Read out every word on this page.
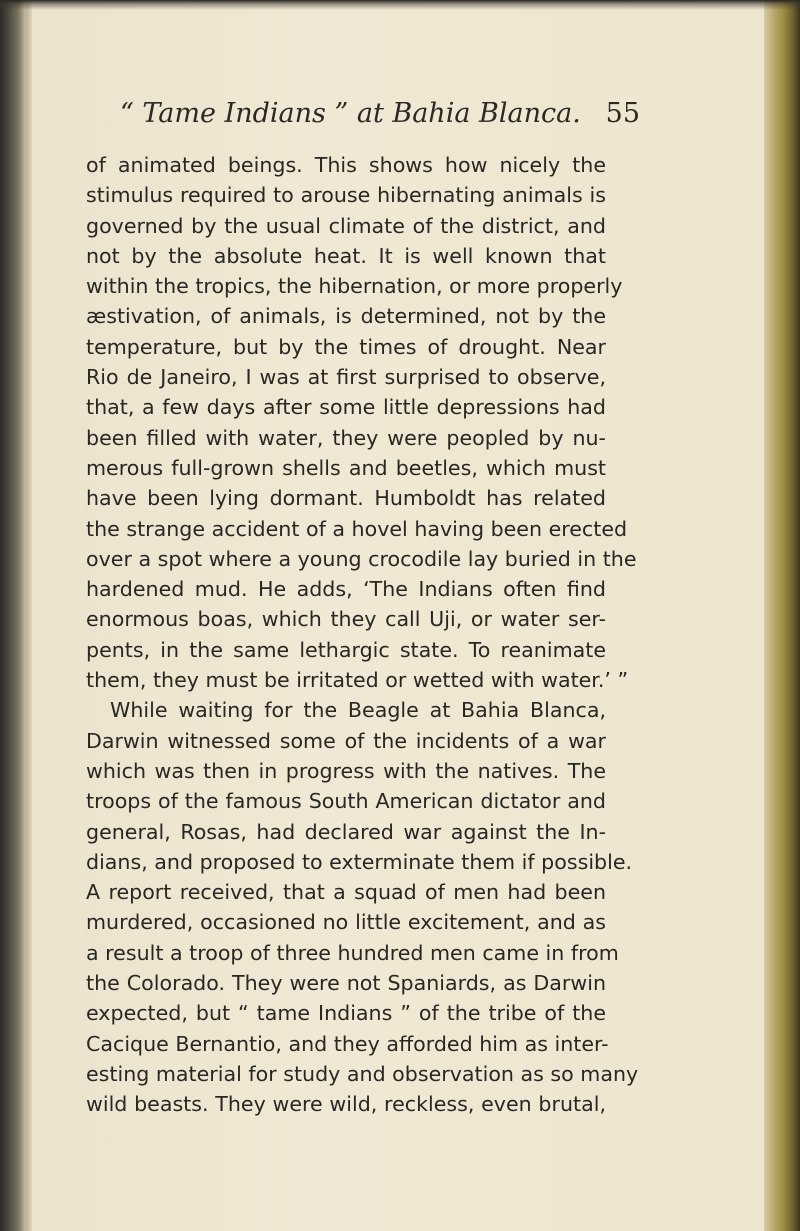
“ Tame Indians ” at Bahia Blanca. 55
of animated beings. This shows how nicely the
stimulus required to arouse hibernating animals is
governed by the usual climate of the district, and
not by the absolute heat. It is well known that
within the tropics, the hibernation, or more properly
æstivation, of animals, is determined, not by the
temperature, but by the times of drought. Near
Rio de Janeiro, I was at first surprised to observe,
that, a few days after some little depressions had
been filled with water, they were peopled by nu-
merous full-grown shells and beetles, which must
have been lying dormant. Humboldt has related
the strange accident of a hovel having been erected
over a spot where a young crocodile lay buried in the
hardened mud. He adds, ‘The Indians often find
enormous boas, which they call Uji, or water ser-
pents, in the same lethargic state. To reanimate
them, they must be irritated or wetted with water.’ ”
While waiting for the Beagle at Bahia Blanca,
Darwin witnessed some of the incidents of a war
which was then in progress with the natives. The
troops of the famous South American dictator and
general, Rosas, had declared war against the In-
dians, and proposed to exterminate them if possible.
A report received, that a squad of men had been
murdered, occasioned no little excitement, and as
a result a troop of three hundred men came in from
the Colorado. They were not Spaniards, as Darwin
expected, but “ tame Indians ” of the tribe of the
Cacique Bernantio, and they afforded him as inter-
esting material for study and observation as so many
wild beasts. They were wild, reckless, even brutal,
